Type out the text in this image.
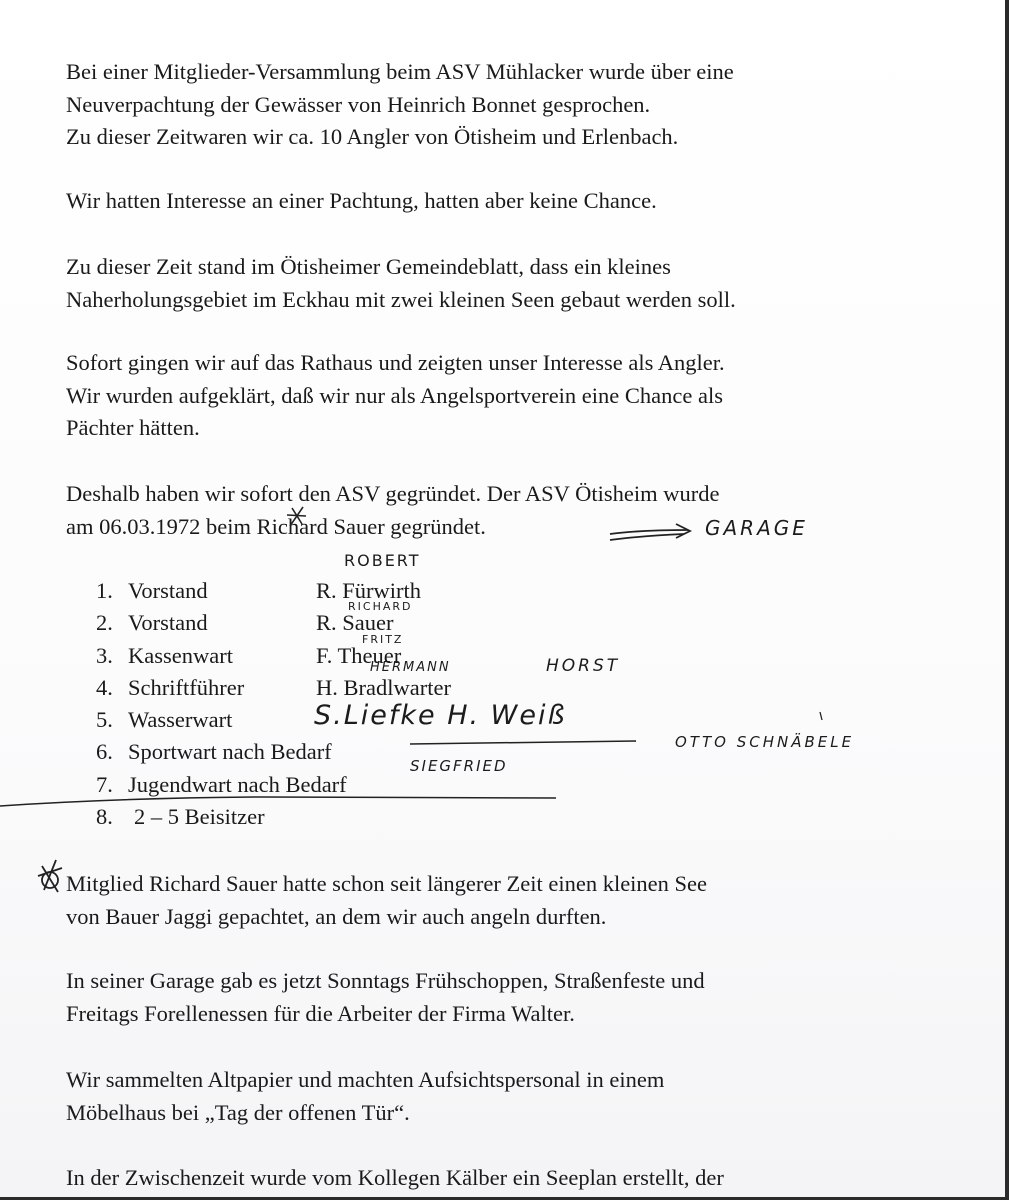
Bei einer Mitglieder-Versammlung beim ASV Mühlacker wurde über eine
Neuverpachtung der Gewässer von Heinrich Bonnet gesprochen.
Zu dieser Zeitwaren wir ca. 10 Angler von Ötisheim und Erlenbach.
Wir hatten Interesse an einer Pachtung, hatten aber keine Chance.
Zu dieser Zeit stand im Ötisheimer Gemeindeblatt, dass ein kleines
Naherholungsgebiet im Eckhau mit zwei kleinen Seen gebaut werden soll.
Sofort gingen wir auf das Rathaus und zeigten unser Interesse als Angler.
Wir wurden aufgeklärt, daß wir nur als Angelsportverein eine Chance als
Pächter hätten.
Deshalb haben wir sofort den ASV gegründet. Der ASV Ötisheim wurde
am 06.03.1972 beim Richard Sauer gegründet.
1. Vorstand	R. Fürwirth
2. Vorstand	R. Sauer
3. Kassenwart	F. Theuer
4. Schriftführer	H. Bradlwarter
5. Wasserwart
6. Sportwart nach Bedarf
7. Jugendwart nach Bedarf
8. 2 – 5 Beisitzer
Mitglied Richard Sauer hatte schon seit längerer Zeit einen kleinen See
von Bauer Jaggi gepachtet, an dem wir auch angeln durften.
In seiner Garage gab es jetzt Sonntags Frühschoppen, Straßenfeste und
Freitags Forellenessen für die Arbeiter der Firma Walter.
Wir sammelten Altpapier und machten Aufsichtspersonal in einem
Möbelhaus bei „Tag der offenen Tür“.
In der Zwischenzeit wurde vom Kollegen Kälber ein Seeplan erstellt, der
GARAGE
ROBERT
RICHARD
FRITZ
HERMANN	HORST
S.Liefke H. Weiß
OTTO SCHNÄBELE
SIEGFRIED
